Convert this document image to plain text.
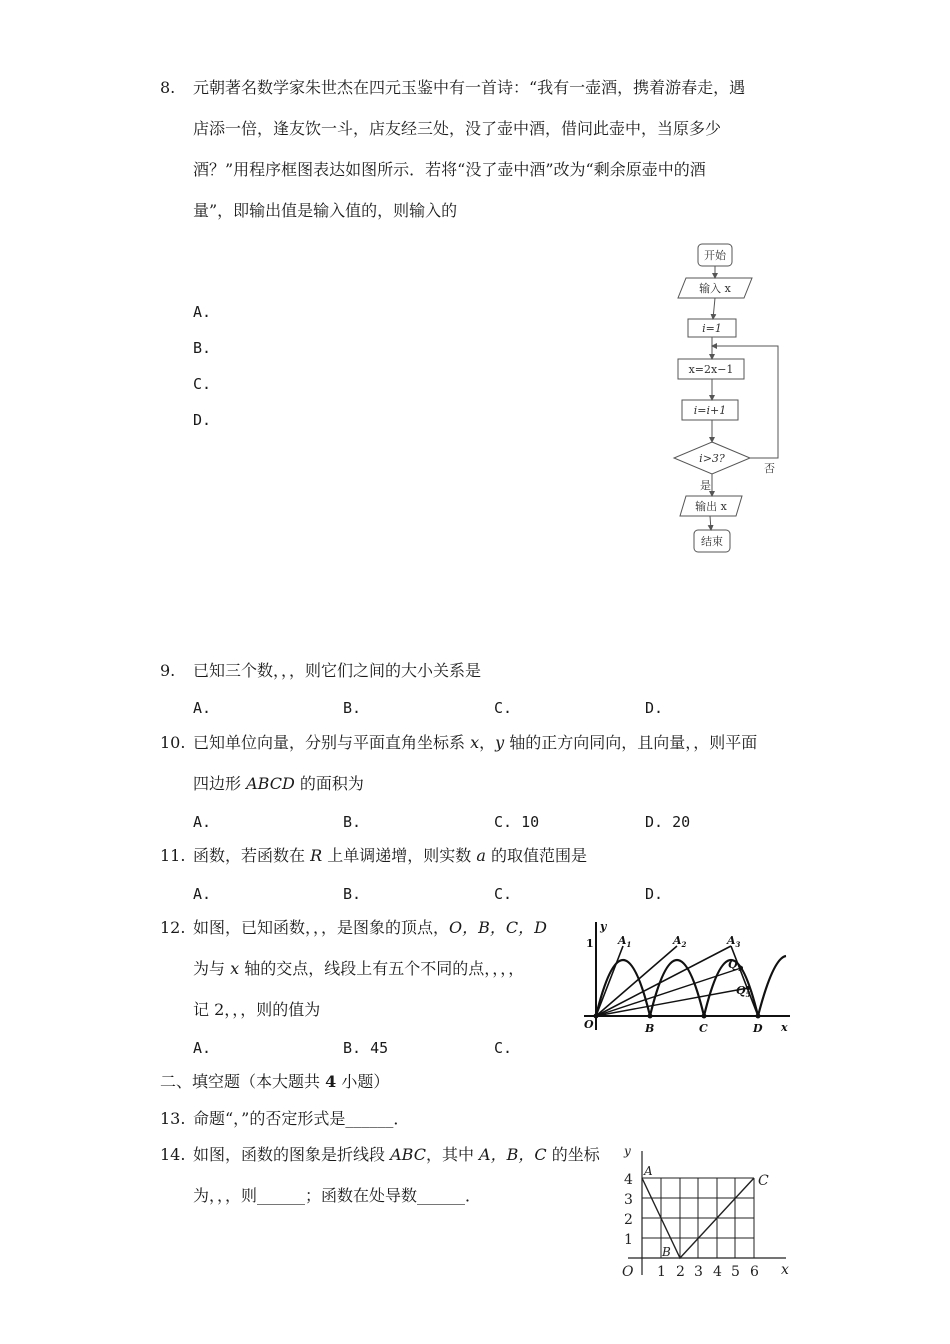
8. 元朝著名数学家朱世杰在四元玉鉴中有一首诗：“我有一壶酒，携着游春走，遇
店添一倍，逢友饮一斗，店友经三处，没了壶中酒，借问此壶中，当原多少
酒？”用程序框图表达如图所示．若将“没了壶中酒”改为“剩余原壶中的酒
量”，即输出值是输入值的，则输入的
A.
B.
C.
D.
开始
输入 x
i=1
x=2x−1
i=i+1
i>3?
是
否
输出 x
结束
9. 已知三个数，，，则它们之间的大小关系是
A.	B.	C.	D.
10. 已知单位向量，分别与平面直角坐标系 x，y 轴的正方向同向，且向量，，则平面
四边形 ABCD 的面积为
A.	B.	C. 10	D. 20
11. 函数，若函数在 R 上单调递增，则实数 a 的取值范围是
A.	B.	C.	D.
12. 如图，已知函数，，，是图象的顶点，O，B，C，D
为与 x 轴的交点，线段上有五个不同的点，，，，
记 2，，，则的值为
A.	B. 45	C.
y
1
O	B	C	D x
$A_1$	$A_2$	$A_3$
$Q_1$
$Q_5$
二、填空题（本大题共 4 小题）
13. 命题“，”的否定形式是______．
14. 如图，函数的图象是折线段 ABC，其中 A，B，C 的坐标
为，，，则______；函数在处导数______．
y
A
B
C
O	x
4
3
2
1
1 2 3 4 5 6
